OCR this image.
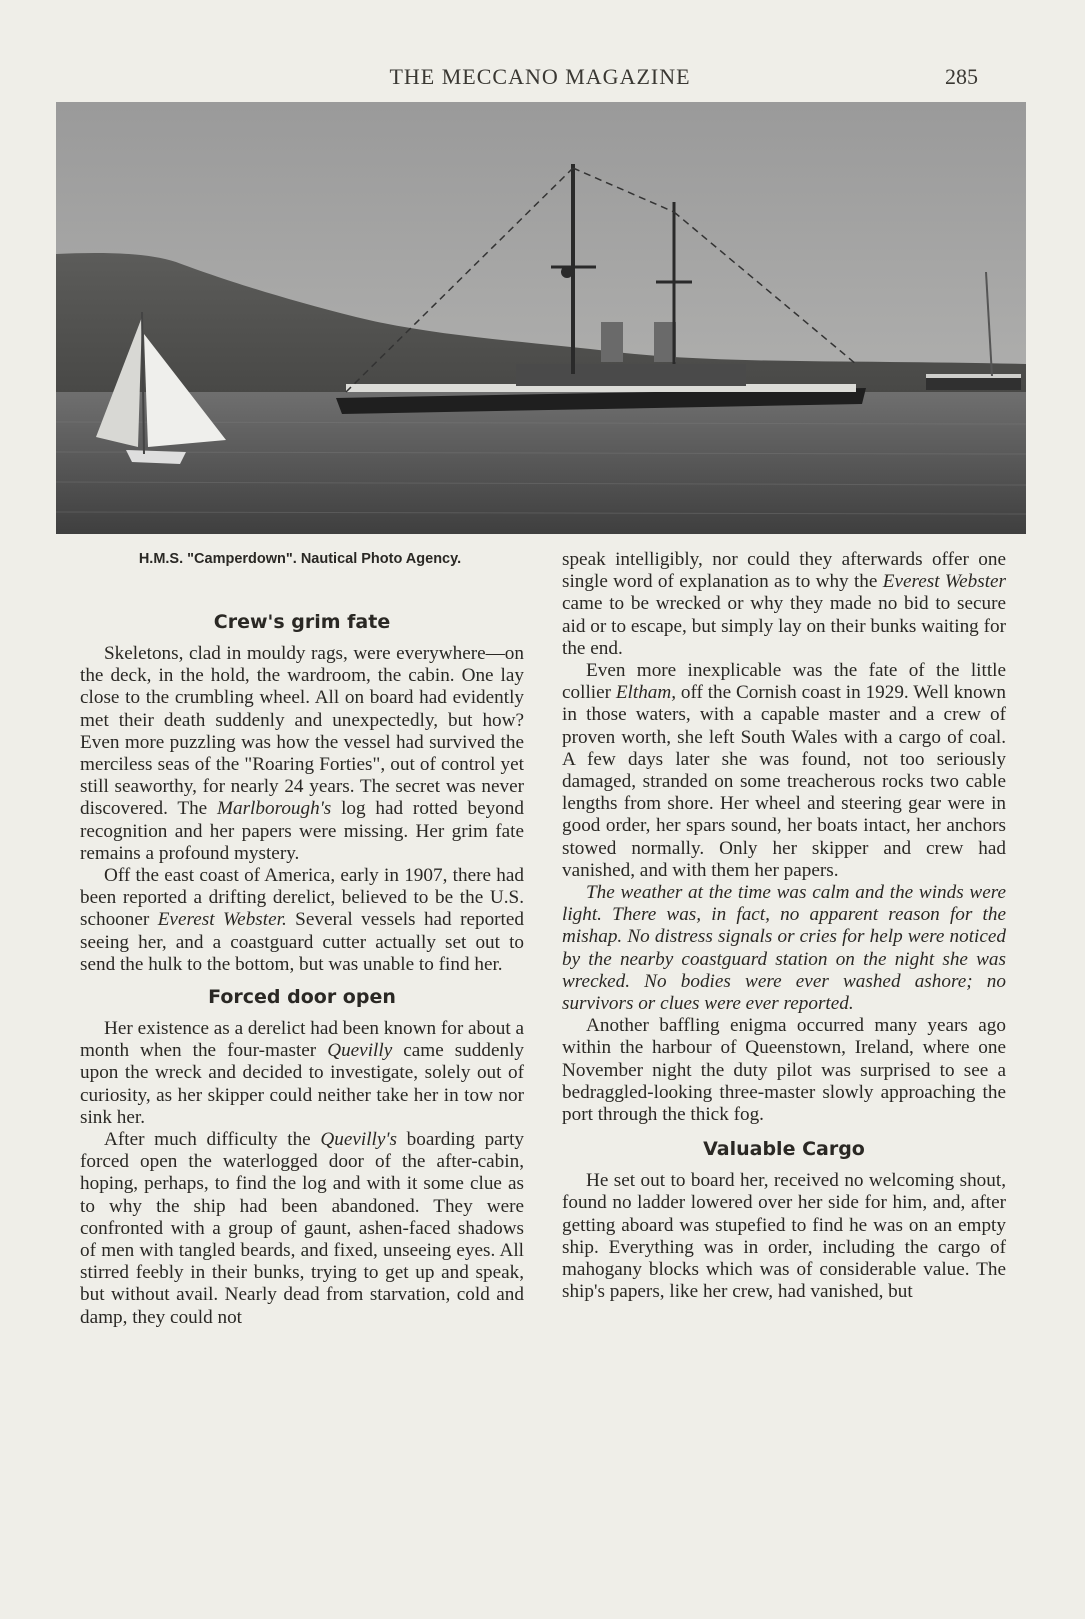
THE MECCANO MAGAZINE	285
H.M.S. "Camperdown". Nautical Photo Agency.
Crew's grim fate

Skeletons, clad in mouldy rags, were everywhere—on the deck, in the hold, the wardroom, the cabin. One lay close to the crumbling wheel. All on board had evidently met their death suddenly and unexpectedly, but how? Even more puzzling was how the vessel had survived the merciless seas of the "Roaring Forties", out of control yet still seaworthy, for nearly 24 years. The secret was never discovered. The Marlborough's log had rotted beyond recognition and her papers were missing. Her grim fate remains a profound mystery.

Off the east coast of America, early in 1907, there had been reported a drifting derelict, believed to be the U.S. schooner Everest Webster. Several vessels had reported seeing her, and a coastguard cutter actually set out to send the hulk to the bottom, but was unable to find her.

Forced door open

Her existence as a derelict had been known for about a month when the four-master Quevilly came suddenly upon the wreck and decided to investigate, solely out of curiosity, as her skipper could neither take her in tow nor sink her.

After much difficulty the Quevilly's boarding party forced open the waterlogged door of the after-cabin, hoping, perhaps, to find the log and with it some clue as to why the ship had been abandoned. They were confronted with a group of gaunt, ashen-faced shadows of men with tangled beards, and fixed, unseeing eyes. All stirred feebly in their bunks, trying to get up and speak, but without avail. Nearly dead from starvation, cold and damp, they could not

speak intelligibly, nor could they afterwards offer one single word of explanation as to why the Everest Webster came to be wrecked or why they made no bid to secure aid or to escape, but simply lay on their bunks waiting for the end.

Even more inexplicable was the fate of the little collier Eltham, off the Cornish coast in 1929. Well known in those waters, with a capable master and a crew of proven worth, she left South Wales with a cargo of coal. A few days later she was found, not too seriously damaged, stranded on some treacherous rocks two cable lengths from shore. Her wheel and steering gear were in good order, her spars sound, her boats intact, her anchors stowed normally. Only her skipper and crew had vanished, and with them her papers.

The weather at the time was calm and the winds were light. There was, in fact, no apparent reason for the mishap. No distress signals or cries for help were noticed by the nearby coastguard station on the night she was wrecked. No bodies were ever washed ashore; no survivors or clues were ever reported.

Another baffling enigma occurred many years ago within the harbour of Queenstown, Ireland, where one November night the duty pilot was surprised to see a bedraggled-looking three-master slowly approaching the port through the thick fog.

Valuable Cargo

He set out to board her, received no welcoming shout, found no ladder lowered over her side for him, and, after getting aboard was stupefied to find he was on an empty ship. Everything was in order, including the cargo of mahogany blocks which was of considerable value. The ship's papers, like her crew, had vanished, but
